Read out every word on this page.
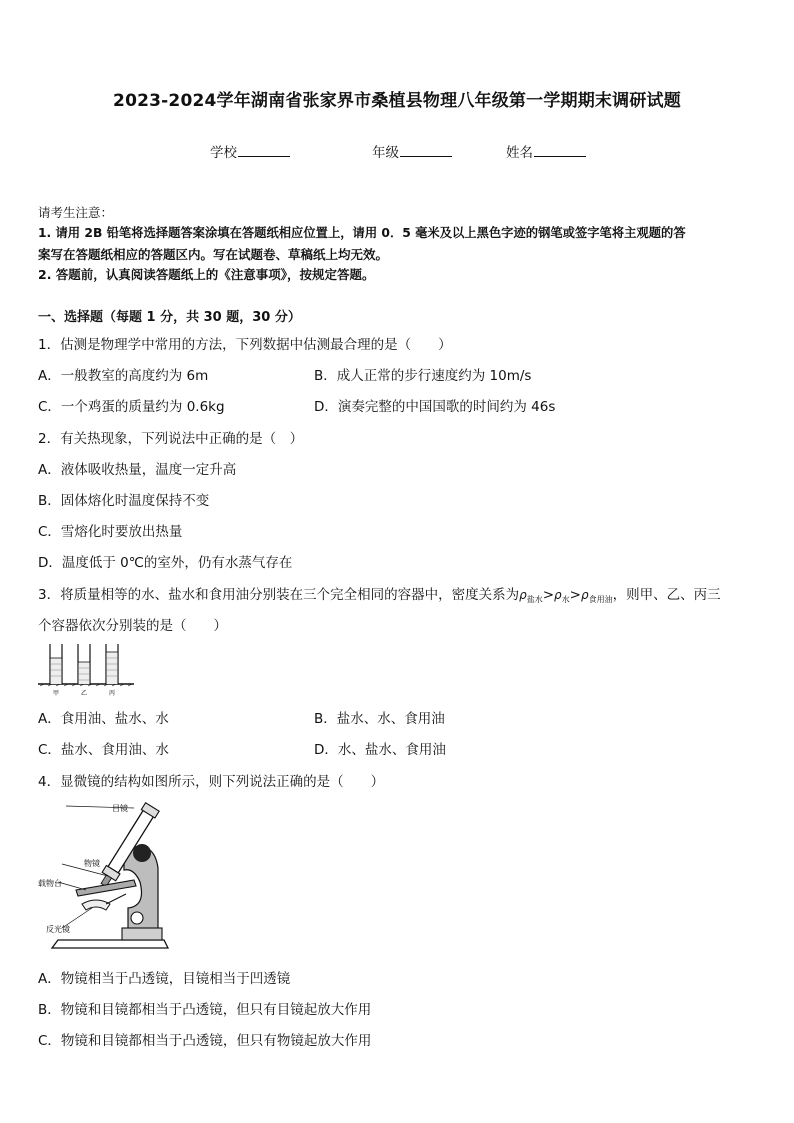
2023-2024学年湖南省张家界市桑植县物理八年级第一学期期末调研试题
学校	年级	姓名
请考生注意：
1. 请用 2B 铅笔将选择题答案涂填在答题纸相应位置上，请用 0．5 毫米及以上黑色字迹的钢笔或签字笔将主观题的答
案写在答题纸相应的答题区内。写在试题卷、草稿纸上均无效。
2. 答题前，认真阅读答题纸上的《注意事项》，按规定答题。
一、选择题（每题 1 分，共 30 题，30 分）
1．估测是物理学中常用的方法，下列数据中估测最合理的是（　　）
A．一般教室的高度约为 6m	B．成人正常的步行速度约为 10m/s
C．一个鸡蛋的质量约为 0.6kg	D．演奏完整的中国国歌的时间约为 46s
2．有关热现象，下列说法中正确的是（　）
A．液体吸收热量，温度一定升高
B．固体熔化时温度保持不变
C．雪熔化时要放出热量
D．温度低于 0℃的室外，仍有水蒸气存在
3．将质量相等的水、盐水和食用油分别装在三个完全相同的容器中，密度关系为$\rho_{盐水}>\rho_水>\rho_{食用油}$，则甲、乙、丙三
个容器依次分别装的是（　　）
甲	乙	丙
A．食用油、盐水、水	B．盐水、水、食用油
C．盐水、食用油、水	D．水、盐水、食用油
4．显微镜的结构如图所示，则下列说法正确的是（　　）
目镜
物镜
载物台
反光镜
A．物镜相当于凸透镜，目镜相当于凹透镜
B．物镜和目镜都相当于凸透镜，但只有目镜起放大作用
C．物镜和目镜都相当于凸透镜，但只有物镜起放大作用
